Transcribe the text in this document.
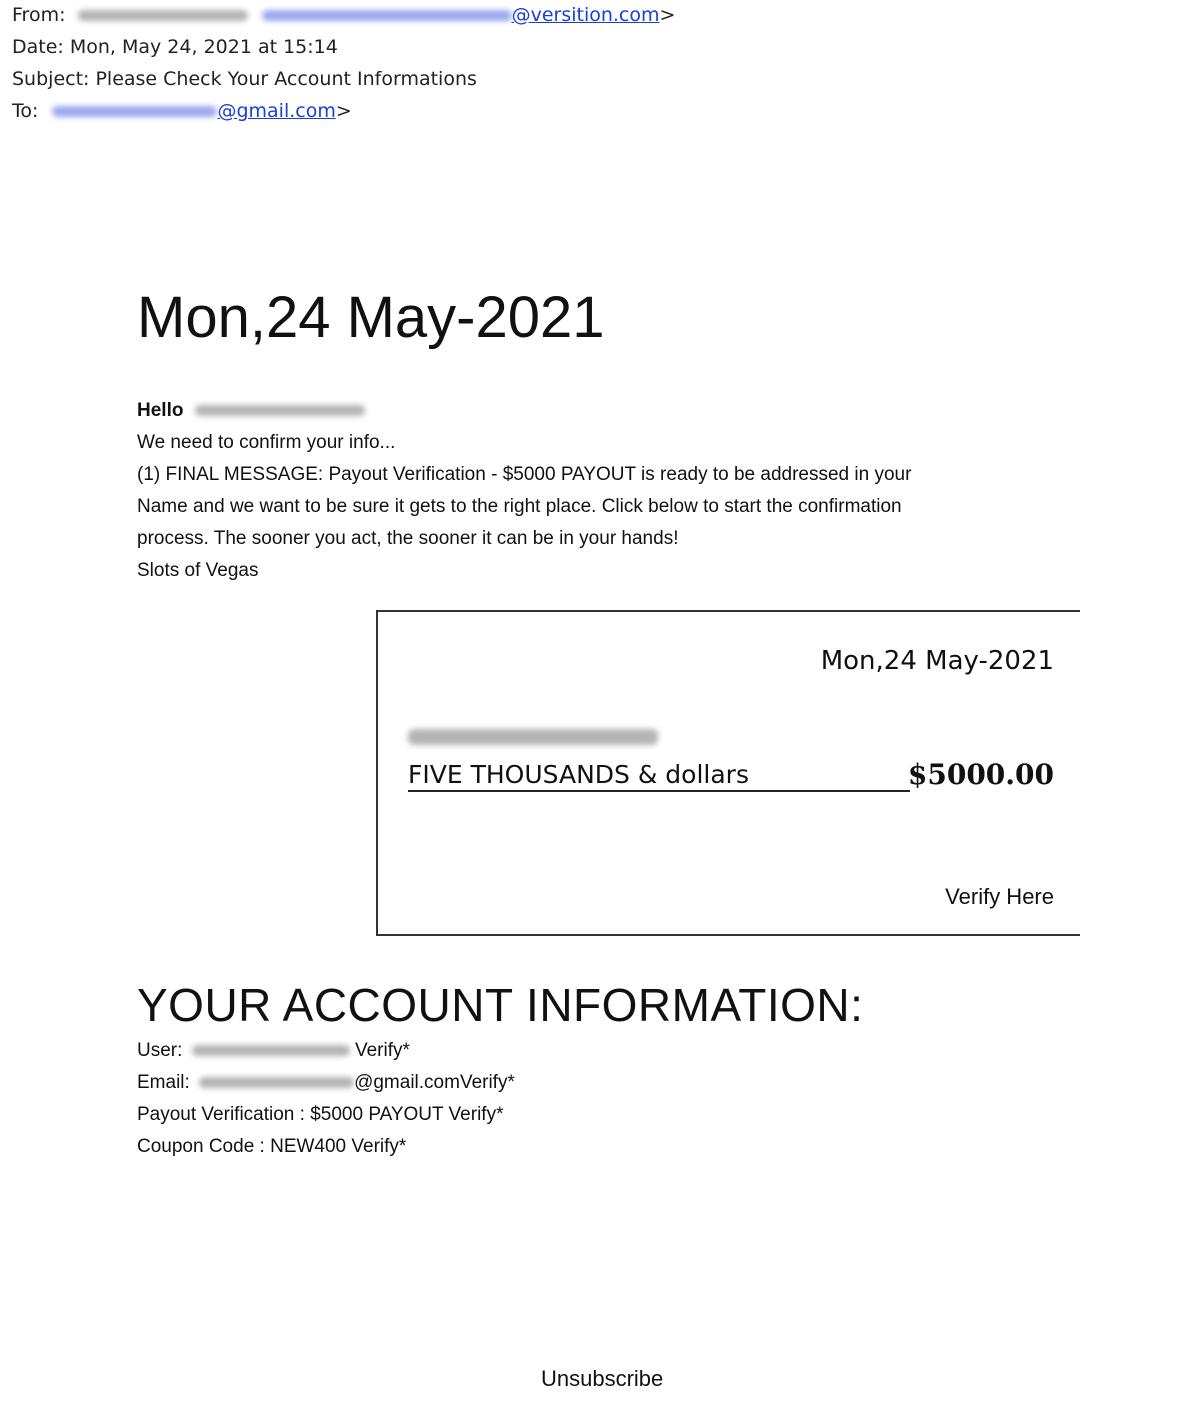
From:	@versition.com>
Date: Mon, May 24, 2021 at 15:14
Subject: Please Check Your Account Informations
To:	@gmail.com>
Mon,24 May-2021
Hello
We need to confirm your info...
(1) FINAL MESSAGE: Payout Verification - $5000 PAYOUT is ready to be addressed in your
Name and we want to be sure it gets to the right place. Click below to start the confirmation
process. The sooner you act, the sooner it can be in your hands!
Slots of Vegas
Mon,24 May-2021
FIVE THOUSANDS & dollars	$5000.00
Verify Here
YOUR ACCOUNT INFORMATION:
User:	Verify*
Email:	@gmail.comVerify*
Payout Verification : $5000 PAYOUT Verify*
Coupon Code : NEW400 Verify*
Unsubscribe
